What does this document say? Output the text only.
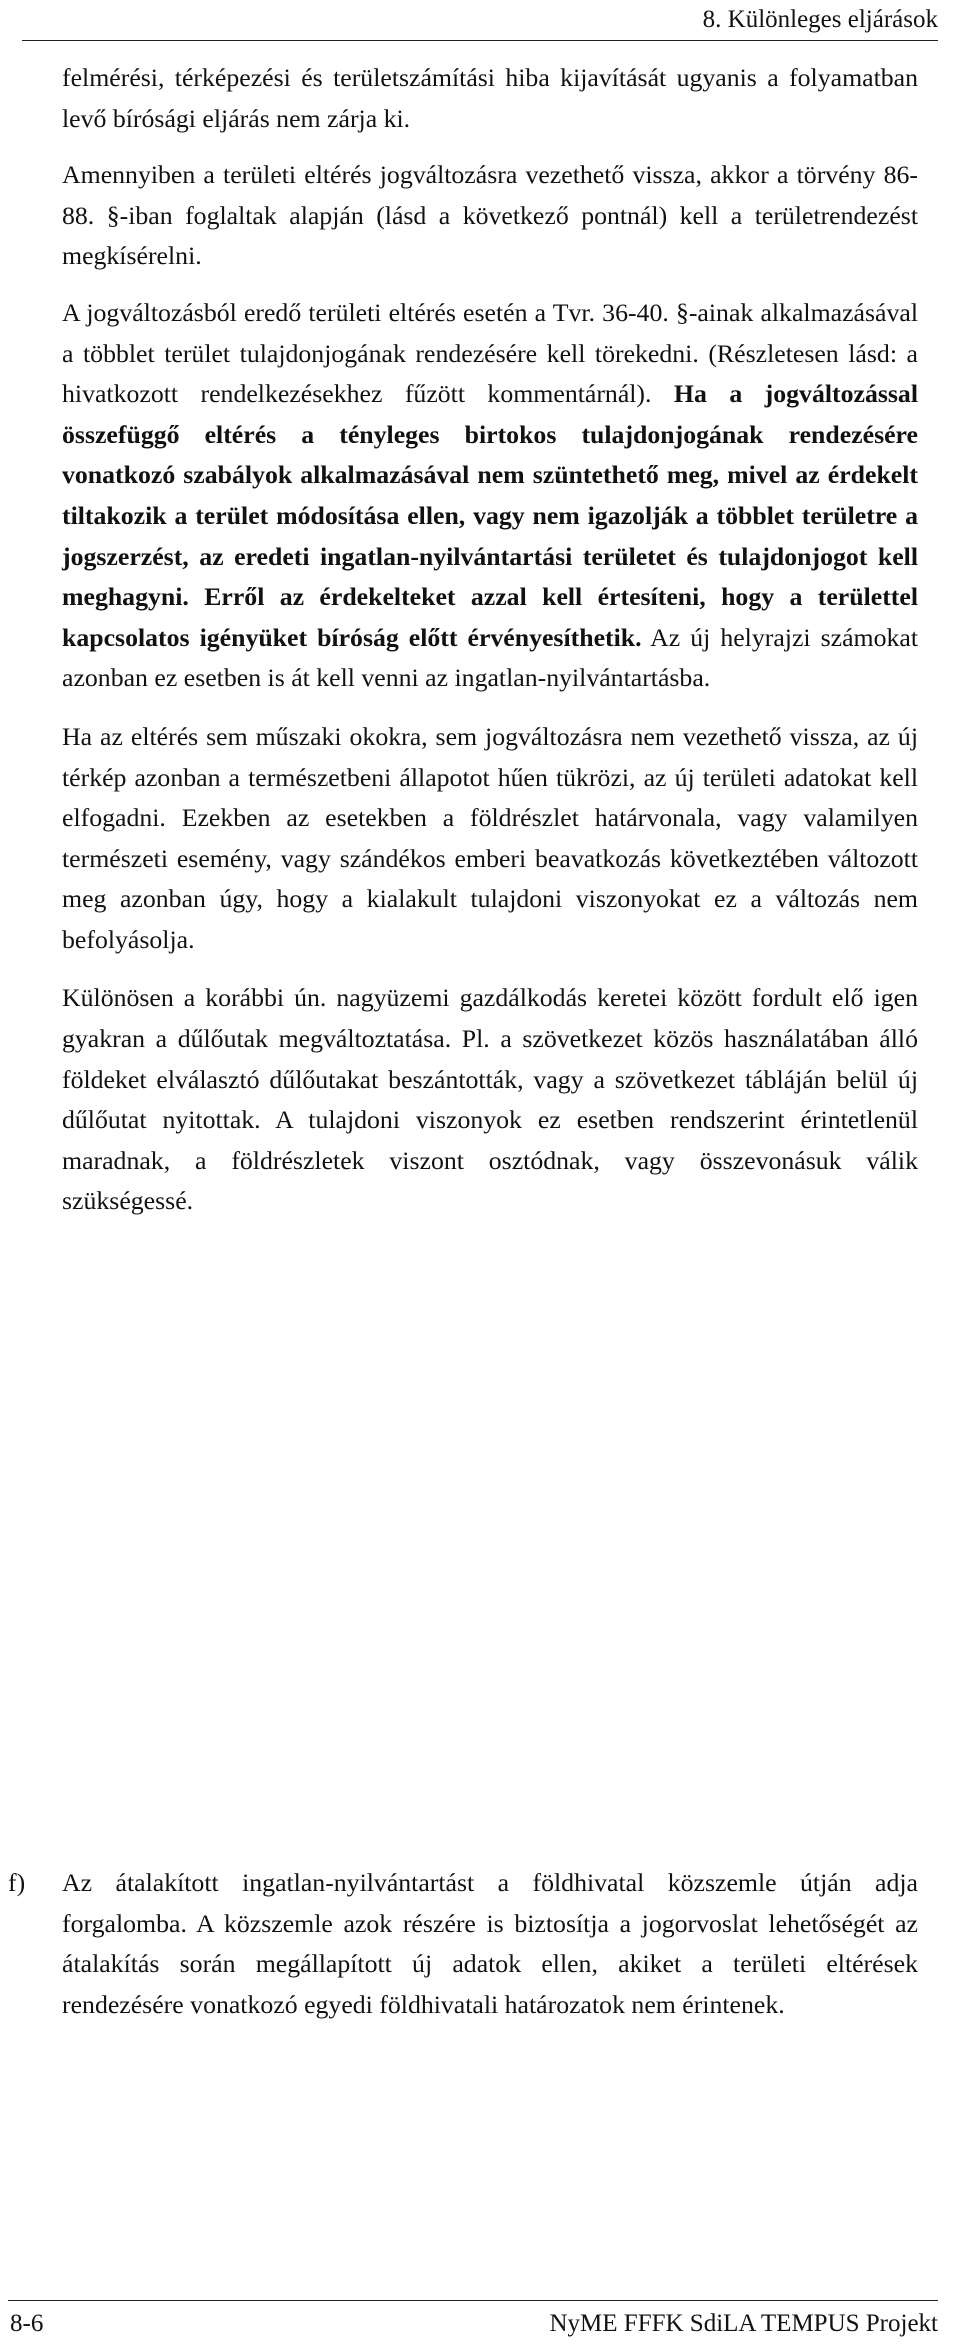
8. Különleges eljárások

felmérési, térképezési és területszámítási hiba kijavítását ugyanis a folyamatban levő bírósági eljárás nem zárja ki.

Amennyiben a területi eltérés jogváltozásra vezethető vissza, akkor a törvény 86-88. §-iban foglaltak alapján (lásd a következő pontnál) kell a területrendezést megkísérelni.

A jogváltozásból eredő területi eltérés esetén a Tvr. 36-40. §-ainak alkalmazásával a többlet terület tulajdonjogának rendezésére kell törekedni. (Részletesen lásd: a hivatkozott rendelkezésekhez fűzött kommentárnál). Ha a jogváltozással összefüggő eltérés a tényleges birtokos tulajdonjogának rendezésére vonatkozó szabályok alkalmazásával nem szüntethető meg, mivel az érdekelt tiltakozik a terület módosítása ellen, vagy nem igazolják a többlet területre a jogszerzést, az eredeti ingatlan-nyilvántartási területet és tulajdonjogot kell meghagyni. Erről az érdekelteket azzal kell értesíteni, hogy a területtel kapcsolatos igényüket bíróság előtt érvényesíthetik. Az új helyrajzi számokat azonban ez esetben is át kell venni az ingatlan-nyilvántartásba.

Ha az eltérés sem műszaki okokra, sem jogváltozásra nem vezethető vissza, az új térkép azonban a természetbeni állapotot hűen tükrözi, az új területi adatokat kell elfogadni. Ezekben az esetekben a földrészlet határvonala, vagy valamilyen természeti esemény, vagy szándékos emberi beavatkozás következtében változott meg azonban úgy, hogy a kialakult tulajdoni viszonyokat ez a változás nem befolyásolja.

Különösen a korábbi ún. nagyüzemi gazdálkodás keretei között fordult elő igen gyakran a dűlőutak megváltoztatása. Pl. a szövetkezet közös használatában álló földeket elválasztó dűlőutakat beszántották, vagy a szövetkezet tábláján belül új dűlőutat nyitottak. A tulajdoni viszonyok ez esetben rendszerint érintetlenül maradnak, a földrészletek viszont osztódnak, vagy összevonásuk válik szükségessé.

f) Az átalakított ingatlan-nyilvántartást a földhivatal közszemle útján adja forgalomba. A közszemle azok részére is biztosítja a jogorvoslat lehetőségét az átalakítás során megállapított új adatok ellen, akiket a területi eltérések rendezésére vonatkozó egyedi földhivatali határozatok nem érintenek.

8-6	NyME FFFK SdiLA TEMPUS Projekt
